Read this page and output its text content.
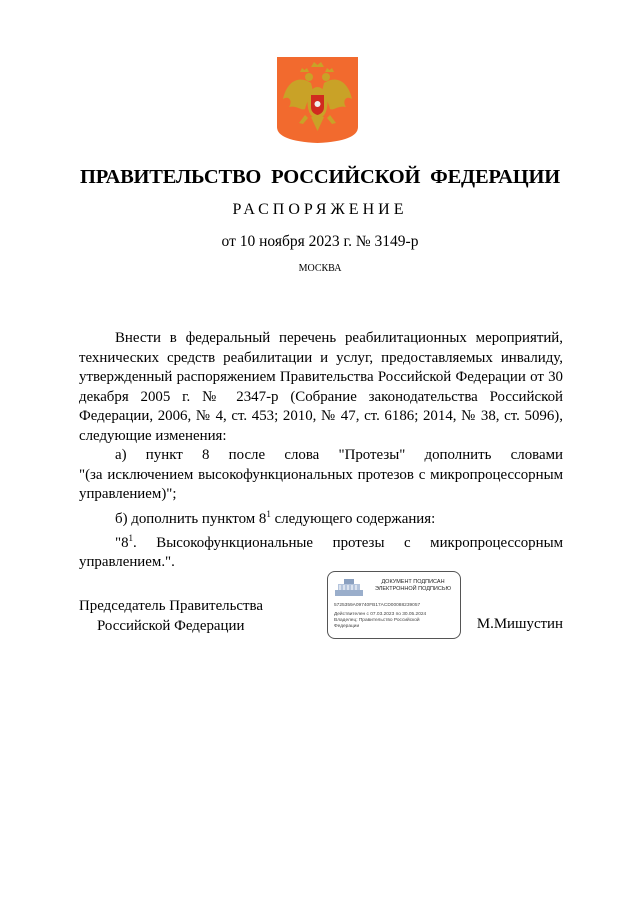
ПРАВИТЕЛЬСТВО РОССИЙСКОЙ ФЕДЕРАЦИИ
РАСПОРЯЖЕНИЕ
от 10 ноября 2023 г. № 3149-р
МОСКВА

Внести в федеральный перечень реабилитационных мероприятий, технических средств реабилитации и услуг, предоставляемых инвалиду, утвержденный распоряжением Правительства Российской Федерации от 30 декабря 2005 г. № 2347-р (Собрание законодательства Российской Федерации, 2006, № 4, ст. 453; 2010, № 47, ст. 6186; 2014, № 38, ст. 5096), следующие изменения:

а) пункт 8 после слова "Протезы" дополнить словами

"(за исключением высокофункциональных протезов с микропроцессорным управлением)";

б) дополнить пунктом $8^1$ следующего содержания:

"$8^1$. Высокофункциональные протезы с микропроцессорным

управлением.".

Председатель Правительства
Российской Федерации
ДОКУМЕНТ ПОДПИСАН
ЭЛЕКТРОННОЙ ПОДПИСЬЮ
5725359A09740FB17ACD00088239057
Действителен с 07.03.2023 по 30.05.2024
Владелец: Правительство Российской Федерации	М.Мишустин
